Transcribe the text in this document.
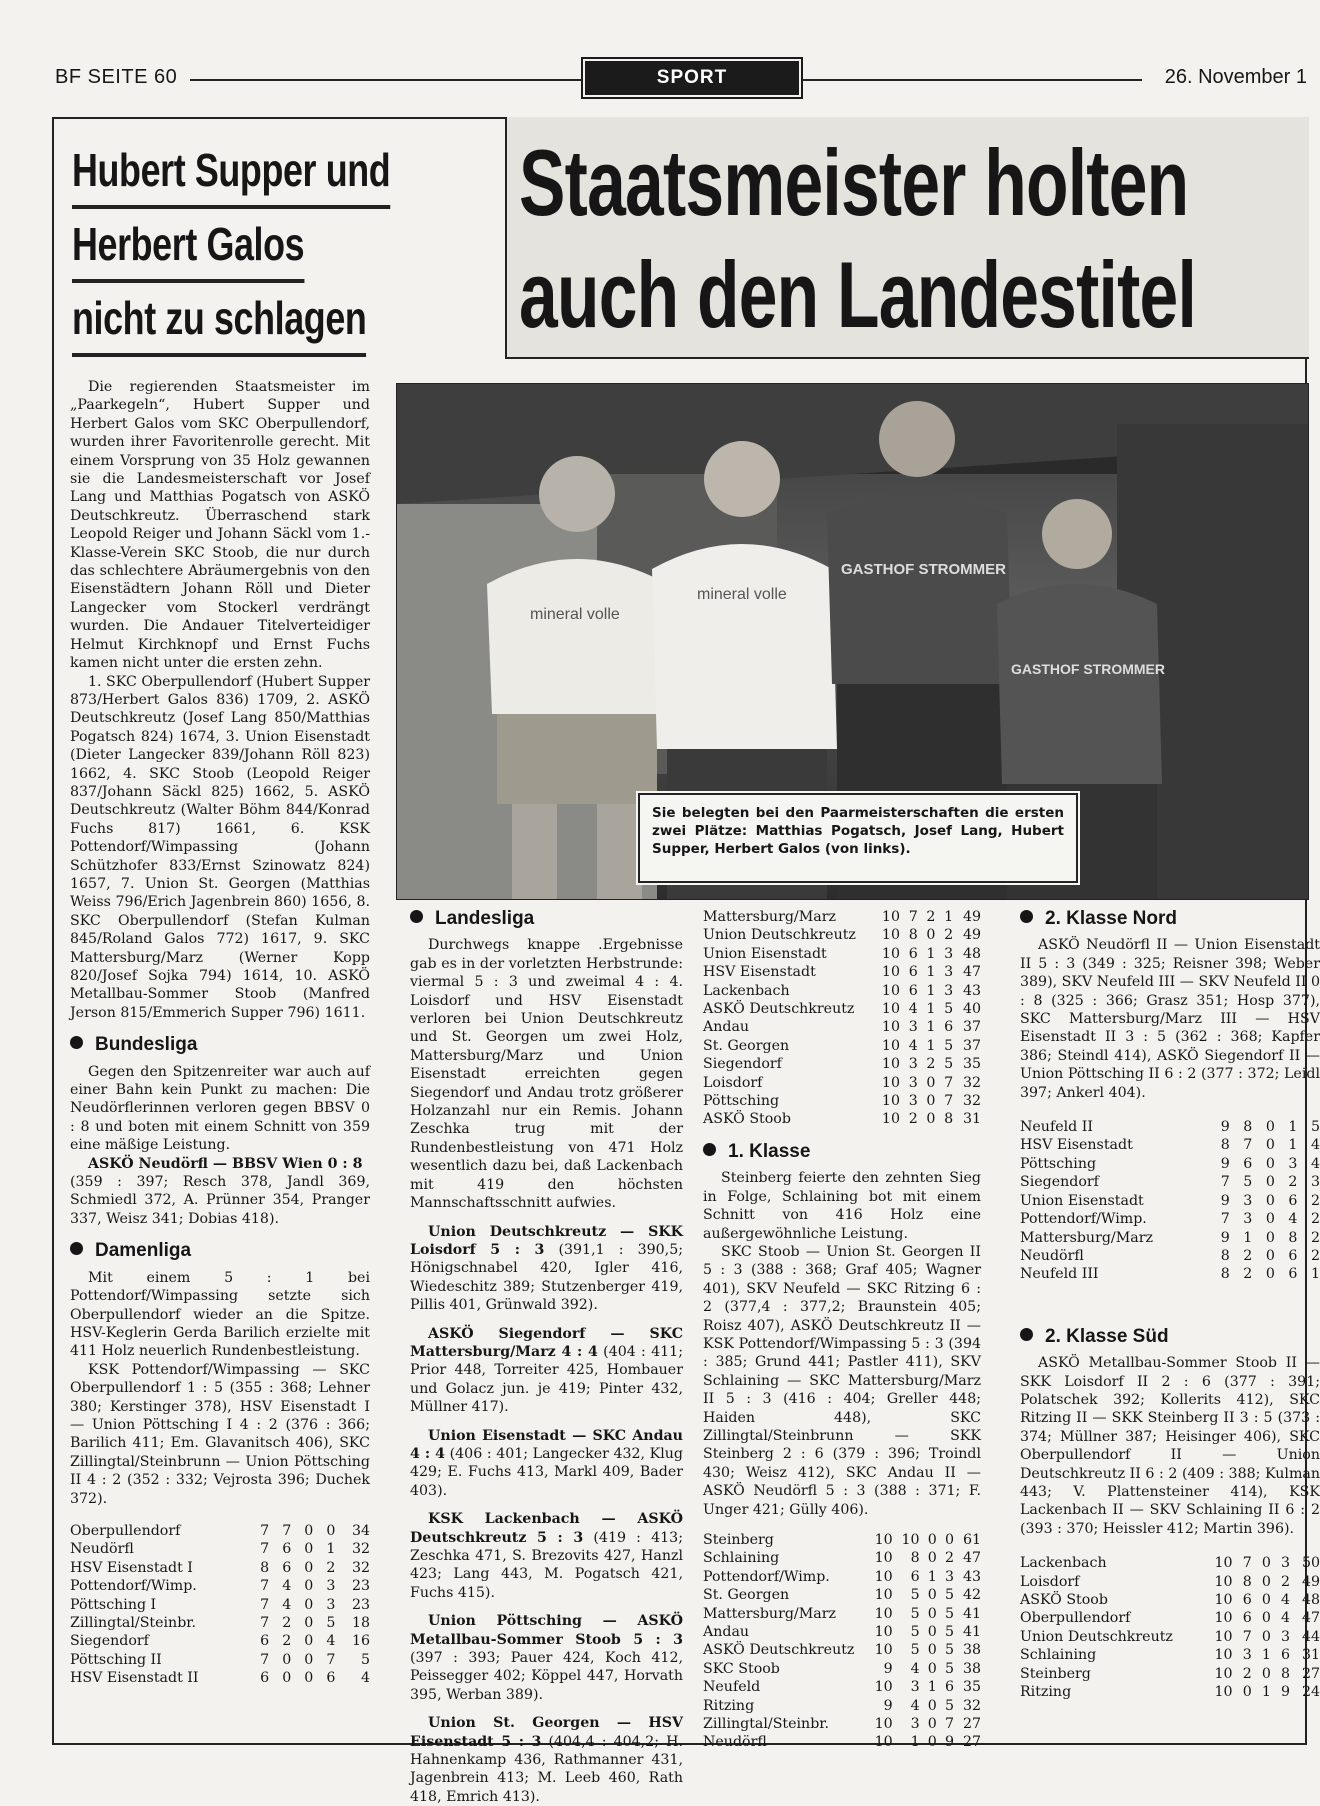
BF SEITE 60	SPORT	26. November 1
Hubert Supper und
Herbert Galos
nicht zu schlagen
Staatsmeister holten
auch den Landestitel
mineral volle
mineral volle
GASTHOF STROMMER
GASTHOF STROMMER
Sie belegten bei den Paarmeisterschaften die ersten zwei Plätze: Matthias Pogatsch, Josef Lang, Hubert Supper, Herbert Galos (von links).

Die regierenden Staatsmeister im „Paarkegeln“, Hubert Supper und Herbert Galos vom SKC Oberpullendorf, wurden ihrer Favoritenrolle gerecht. Mit einem Vorsprung von 35 Holz gewannen sie die Landesmeisterschaft vor Josef Lang und Matthias Pogatsch von ASKÖ Deutschkreutz. Überraschend stark Leopold Reiger und Johann Säckl vom 1.-Klasse-Verein SKC Stoob, die nur durch das schlechtere Abräumergebnis von den Eisenstädtern Johann Röll und Dieter Langecker vom Stockerl verdrängt wurden. Die Andauer Titelverteidiger Helmut Kirchknopf und Ernst Fuchs kamen nicht unter die ersten zehn.

1. SKC Oberpullendorf (Hubert Supper 873/Herbert Galos 836) 1709, 2. ASKÖ Deutschkreutz (Josef Lang 850/Matthias Pogatsch 824) 1674, 3. Union Eisenstadt (Dieter Langecker 839/Johann Röll 823) 1662, 4. SKC Stoob (Leopold Reiger 837/Johann Säckl 825) 1662, 5. ASKÖ Deutschkreutz (Walter Böhm 844/Konrad Fuchs 817) 1661, 6. KSK Pottendorf/Wimpassing (Johann Schützhofer 833/Ernst Szinowatz 824) 1657, 7. Union St. Georgen (Matthias Weiss 796/Erich Jagenbrein 860) 1656, 8. SKC Oberpullendorf (Stefan Kulman 845/Roland Galos 772) 1617, 9. SKC Mattersburg/Marz (Werner Kopp 820/Josef Sojka 794) 1614, 10. ASKÖ Metallbau-Sommer Stoob (Manfred Jerson 815/Emmerich Supper 796) 1611.

Bundesliga

Gegen den Spitzenreiter war auch auf einer Bahn kein Punkt zu machen: Die Neudörflerinnen verloren gegen BBSV 0 : 8 und boten mit einem Schnitt von 359 eine mäßige Leistung.

ASKÖ Neudörfl — BBSV Wien 0 : 8

(359 : 397; Resch 378, Jandl 369, Schmiedl 372, A. Prünner 354, Pranger 337, Weisz 341; Dobias 418).

Damenliga

Mit einem 5 : 1 bei Pottendorf/Wimpassing setzte sich Oberpullendorf wieder an die Spitze. HSV-Keglerin Gerda Barilich erzielte mit 411 Holz neuerlich Rundenbestleistung.

KSK Pottendorf/Wimpassing — SKC Oberpullendorf 1 : 5 (355 : 368; Lehner 380; Kerstinger 378), HSV Eisenstadt I — Union Pöttsching I 4 : 2 (376 : 366; Barilich 411; Em. Glavanitsch 406), SKC Zillingtal/Steinbrunn — Union Pöttsching II 4 : 2 (352 : 332; Vejrosta 396; Duchek 372).

Oberpullendorf	7	7	0	0	34
Neudörfl	7	6	0	1	32
HSV Eisenstadt I	8	6	0	2	32
Pottendorf/Wimp.	7	4	0	3	23
Pöttsching I	7	4	0	3	23
Zillingtal/Steinbr.	7	2	0	5	18
Siegendorf	6	2	0	4	16
Pöttsching II	7	0	0	7	5
HSV Eisenstadt II	6	0	0	6	4
Landesliga

Durchwegs knappe .Ergebnisse gab es in der vorletzten Herbstrunde: viermal 5 : 3 und zweimal 4 : 4. Loisdorf und HSV Eisenstadt verloren bei Union Deutschkreutz und St. Georgen um zwei Holz, Mattersburg/Marz und Union Eisenstadt erreichten gegen Siegendorf und Andau trotz größerer Holzanzahl nur ein Remis. Johann Zeschka trug mit der Rundenbestleistung von 471 Holz wesentlich dazu bei, daß Lackenbach mit 419 den höchsten Mannschaftsschnitt aufwies.

Union Deutschkreutz — SKK Loisdorf 5 : 3 (391,1 : 390,5; Hönigschnabel 420, Igler 416, Wiedeschitz 389; Stutzenberger 419, Pillis 401, Grünwald 392).

ASKÖ Siegendorf — SKC Mattersburg/Marz 4 : 4 (404 : 411; Prior 448, Torreiter 425, Hombauer und Golacz jun. je 419; Pinter 432, Müllner 417).

Union Eisenstadt — SKC Andau 4 : 4 (406 : 401; Langecker 432, Klug 429; E. Fuchs 413, Markl 409, Bader 403).

KSK Lackenbach — ASKÖ Deutschkreutz 5 : 3 (419 : 413; Zeschka 471, S. Brezovits 427, Hanzl 423; Lang 443, M. Pogatsch 421, Fuchs 415).

Union Pöttsching — ASKÖ Metallbau-Sommer Stoob 5 : 3 (397 : 393; Pauer 424, Koch 412, Peissegger 402; Köppel 447, Horvath 395, Werban 389).

Union St. Georgen — HSV Eisenstadt 5 : 3 (404,4 : 404,2; H. Hahnenkamp 436, Rathmanner 431, Jagenbrein 413; M. Leeb 460, Rath 418, Emrich 413).

Mattersburg/Marz	10	7	2	1	49
Union Deutschkreutz	10	8	0	2	49
Union Eisenstadt	10	6	1	3	48
HSV Eisenstadt	10	6	1	3	47
Lackenbach	10	6	1	3	43
ASKÖ Deutschkreutz	10	4	1	5	40
Andau	10	3	1	6	37
St. Georgen	10	4	1	5	37
Siegendorf	10	3	2	5	35
Loisdorf	10	3	0	7	32
Pöttsching	10	3	0	7	32
ASKÖ Stoob	10	2	0	8	31
1. Klasse

Steinberg feierte den zehnten Sieg in Folge, Schlaining bot mit einem Schnitt von 416 Holz eine außergewöhnliche Leistung.

SKC Stoob — Union St. Georgen II 5 : 3 (388 : 368; Graf 405; Wagner 401), SKV Neufeld — SKC Ritzing 6 : 2 (377,4 : 377,2; Braunstein 405; Roisz 407), ASKÖ Deutschkreutz II — KSK Pottendorf/Wimpassing 5 : 3 (394 : 385; Grund 441; Pastler 411), SKV Schlaining — SKC Mattersburg/Marz II 5 : 3 (416 : 404; Greller 448; Haiden 448), SKC Zillingtal/Steinbrunn — SKK Steinberg 2 : 6 (379 : 396; Troindl 430; Weisz 412), SKC Andau II — ASKÖ Neudörfl 5 : 3 (388 : 371; F. Unger 421; Gülly 406).

Steinberg	10	10	0	0	61
Schlaining	10	8	0	2	47
Pottendorf/Wimp.	10	6	1	3	43
St. Georgen	10	5	0	5	42
Mattersburg/Marz	10	5	0	5	41
Andau	10	5	0	5	41
ASKÖ Deutschkreutz	10	5	0	5	38
SKC Stoob	9	4	0	5	38
Neufeld	10	3	1	6	35
Ritzing	9	4	0	5	32
Zillingtal/Steinbr.	10	3	0	7	27
Neudörfl	10	1	0	9	27
2. Klasse Nord

ASKÖ Neudörfl II — Union Eisenstadt II 5 : 3 (349 : 325; Reisner 398; Weber 389), SKV Neufeld III — SKV Neufeld II 0 : 8 (325 : 366; Grasz 351; Hosp 377), SKC Mattersburg/Marz III — HSV Eisenstadt II 3 : 5 (362 : 368; Kapfer 386; Steindl 414), ASKÖ Siegendorf II — Union Pöttsching II 6 : 2 (377 : 372; Leidl 397; Ankerl 404).

Neufeld II	9	8	0	1	5
HSV Eisenstadt	8	7	0	1	4
Pöttsching	9	6	0	3	4
Siegendorf	7	5	0	2	3
Union Eisenstadt	9	3	0	6	2
Pottendorf/Wimp.	7	3	0	4	2
Mattersburg/Marz	9	1	0	8	2
Neudörfl	8	2	0	6	2
Neufeld III	8	2	0	6	1
2. Klasse Süd

ASKÖ Metallbau-Sommer Stoob II — SKK Loisdorf II 2 : 6 (377 : 391; Polatschek 392; Kollerits 412), SKC Ritzing II — SKK Steinberg II 3 : 5 (373 : 374; Müllner 387; Heisinger 406), SKC Oberpullendorf II — Union Deutschkreutz II 6 : 2 (409 : 388; Kulman 443; V. Plattensteiner 414), KSK Lackenbach II — SKV Schlaining II 6 : 2 (393 : 370; Heissler 412; Martin 396).

Lackenbach	10	7	0	3	50
Loisdorf	10	8	0	2	49
ASKÖ Stoob	10	6	0	4	48
Oberpullendorf	10	6	0	4	47
Union Deutschkreutz	10	7	0	3	44
Schlaining	10	3	1	6	31
Steinberg	10	2	0	8	27
Ritzing	10	0	1	9	24
